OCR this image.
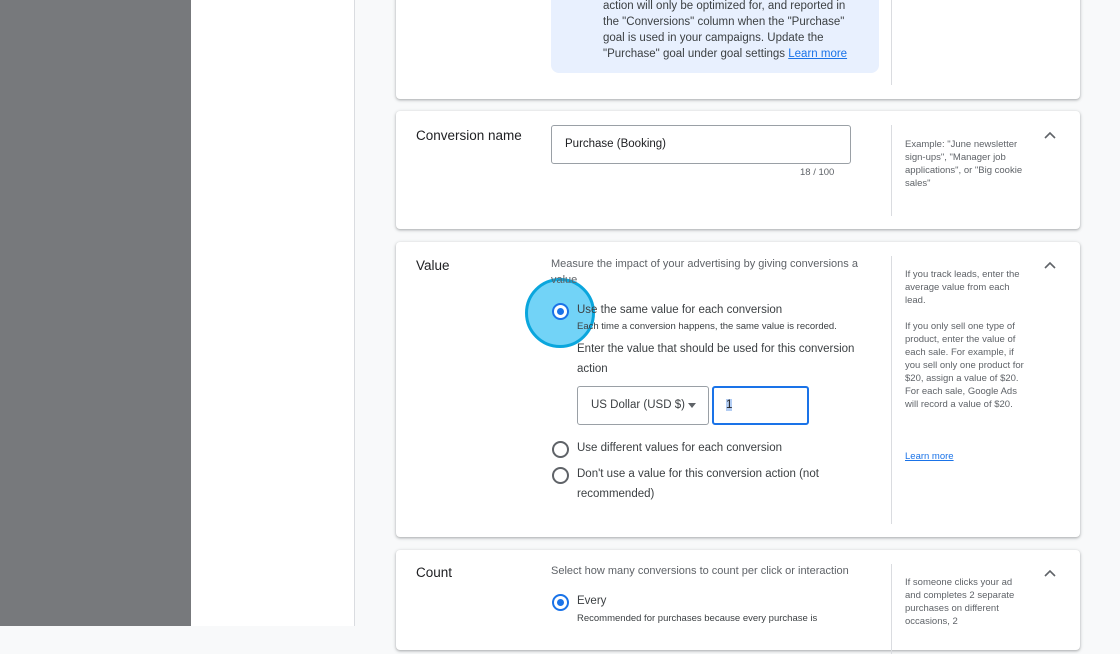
action will only be optimized for, and reported in the "Conversions" column when the "Purchase" goal is used in your campaigns. Update the "Purchase" goal under goal settings Learn more

Conversion name
Purchase (Booking)
18 / 100
Example: "June newsletter sign-ups", "Manager job applications", or "Big cookie sales"
Value	Measure the impact of your advertising by giving conversions a value
Use the same value for each conversion
Each time a conversion happens, the same value is recorded.
Enter the value that should be used for this conversion action
US Dollar (USD $)	1
Use different values for each conversion
Don't use a value for this conversion action (not recommended)
If you track leads, enter the average value from each lead.
If you only sell one type of product, enter the value of each sale. For example, if you sell only one product for $20, assign a value of $20. For each sale, Google Ads will record a value of $20.
Learn more
Count	Select how many conversions to count per click or interaction
Every
Recommended for purchases because every purchase is
If someone clicks your ad and completes 2 separate purchases on different occasions, 2
